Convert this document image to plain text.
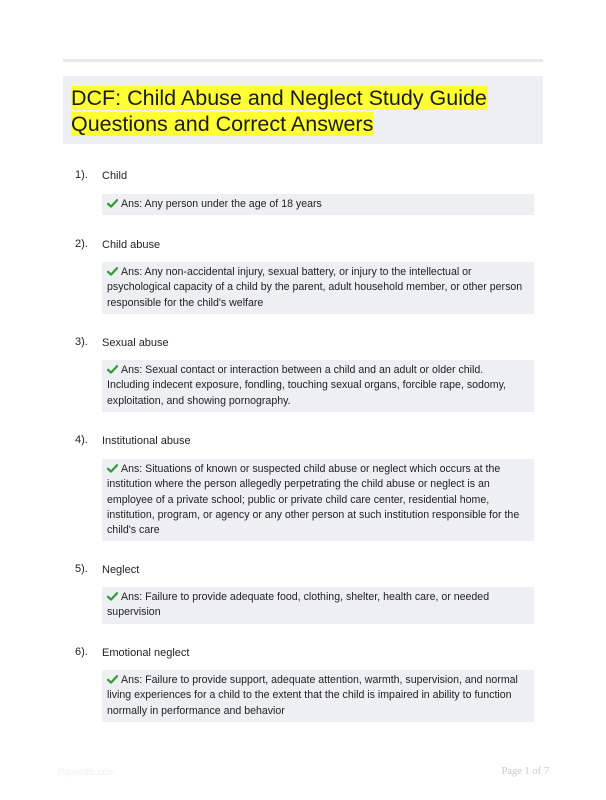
DCF: Child Abuse and Neglect Study Guide
Questions and Correct Answers
1). Child
Ans: Any person under the age of 18 years
2). Child abuse
Ans: Any non-accidental injury, sexual battery, or injury to the intellectual or psychological capacity of a child by the parent, adult household member, or other person responsible for the child's welfare
3). Sexual abuse
Ans: Sexual contact or interaction between a child and an adult or older child. Including indecent exposure, fondling, touching sexual organs, forcible rape, sodomy, exploitation, and showing pornography.
4). Institutional abuse
Ans: Situations of known or suspected child abuse or neglect which occurs at the institution where the person allegedly perpetrating the child abuse or neglect is an employee of a private school; public or private child care center, residential home, institution, program, or agency or any other person at such institution responsible for the child's care
5). Neglect
Ans: Failure to provide adequate food, clothing, shelter, health care, or needed supervision
6). Emotional neglect
Ans: Failure to provide support, adequate attention, warmth, supervision, and normal living experiences for a child to the extent that the child is impaired in ability to function normally in performance and behavior
Papertific.com	Page 1 of 7
